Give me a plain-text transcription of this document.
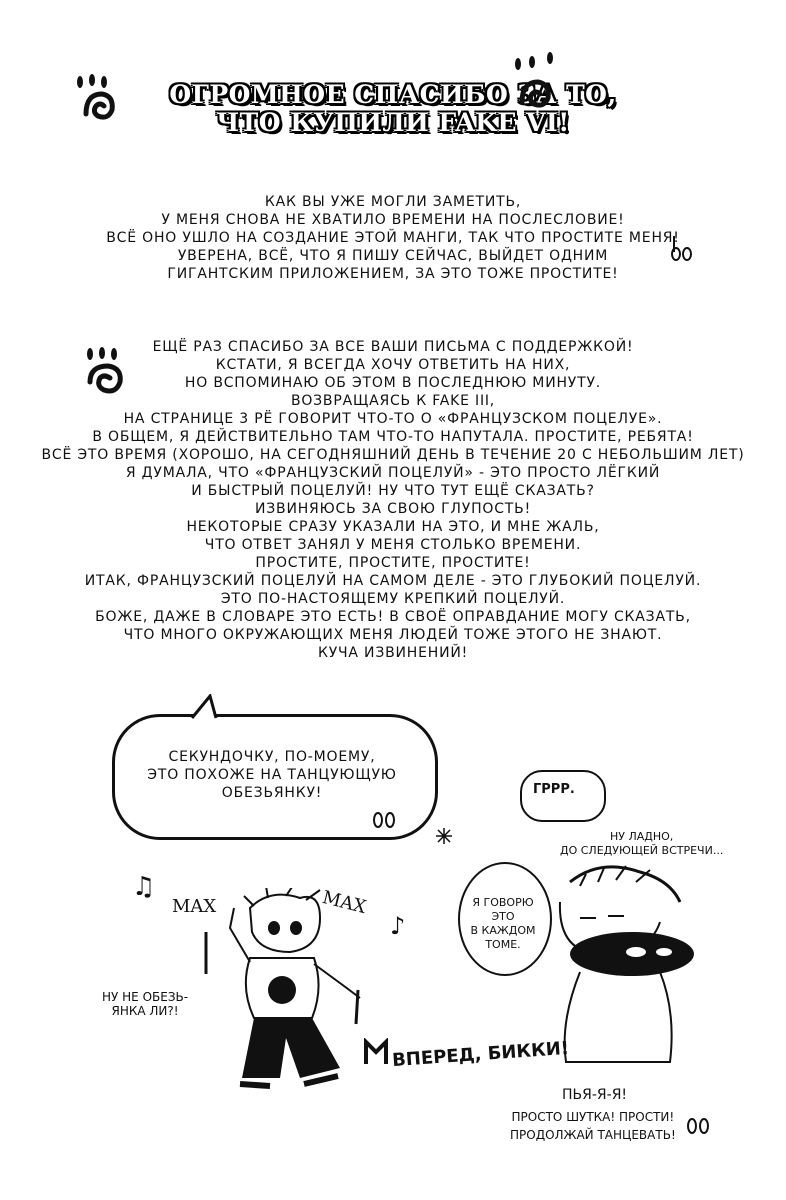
ОГРОМНОЕ СПАСИБО ЗА ТО,
ЧТО КУПИЛИ FAKE VI!

КАК ВЫ УЖЕ МОГЛИ ЗАМЕТИТЬ,

У МЕНЯ СНОВА НЕ ХВАТИЛО ВРЕМЕНИ НА ПОСЛЕСЛОВИЕ!

ВСЁ ОНО УШЛО НА СОЗДАНИЕ ЭТОЙ МАНГИ, ТАК ЧТО ПРОСТИТЕ МЕНЯ!

УВЕРЕНА, ВСЁ, ЧТО Я ПИШУ СЕЙЧАС, ВЫЙДЕТ ОДНИМ

ГИГАНТСКИМ ПРИЛОЖЕНИЕМ, ЗА ЭТО ТОЖЕ ПРОСТИТЕ!

ЕЩЁ РАЗ СПАСИБО ЗА ВСЕ ВАШИ ПИСЬМА С ПОДДЕРЖКОЙ!

КСТАТИ, Я ВСЕГДА ХОЧУ ОТВЕТИТЬ НА НИХ,

НО ВСПОМИНАЮ ОБ ЭТОМ В ПОСЛЕДНЮЮ МИНУТУ.

ВОЗВРАЩАЯСЬ К FAKE III,

НА СТРАНИЦЕ 3 РЁ ГОВОРИТ ЧТО-ТО О «ФРАНЦУЗСКОМ ПОЦЕЛУЕ».

В ОБЩЕМ, Я ДЕЙСТВИТЕЛЬНО ТАМ ЧТО-ТО НАПУТАЛА. ПРОСТИТЕ, РЕБЯТА!

ВСЁ ЭТО ВРЕМЯ (ХОРОШО, НА СЕГОДНЯШНИЙ ДЕНЬ В ТЕЧЕНИЕ 20 С НЕБОЛЬШИМ ЛЕТ)

Я ДУМАЛА, ЧТО «ФРАНЦУЗСКИЙ ПОЦЕЛУЙ» - ЭТО ПРОСТО ЛЁГКИЙ

И БЫСТРЫЙ ПОЦЕЛУЙ! НУ ЧТО ТУТ ЕЩЁ СКАЗАТЬ?

ИЗВИНЯЮСЬ ЗА СВОЮ ГЛУПОСТЬ!

НЕКОТОРЫЕ СРАЗУ УКАЗАЛИ НА ЭТО, И МНЕ ЖАЛЬ,

ЧТО ОТВЕТ ЗАНЯЛ У МЕНЯ СТОЛЬКО ВРЕМЕНИ.

ПРОСТИТЕ, ПРОСТИТЕ, ПРОСТИТЕ!

ИТАК, ФРАНЦУЗСКИЙ ПОЦЕЛУЙ НА САМОМ ДЕЛЕ - ЭТО ГЛУБОКИЙ ПОЦЕЛУЙ.

ЭТО ПО-НАСТОЯЩЕМУ КРЕПКИЙ ПОЦЕЛУЙ.

БОЖЕ, ДАЖЕ В СЛОВАРЕ ЭТО ЕСТЬ! В СВОЁ ОПРАВДАНИЕ МОГУ СКАЗАТЬ,

ЧТО МНОГО ОКРУЖАЮЩИХ МЕНЯ ЛЮДЕЙ ТОЖЕ ЭТОГО НЕ ЗНАЮТ.

КУЧА ИЗВИНЕНИЙ!

СЕКУНДОЧКУ, ПО-МОЕМУ,

ЭТО ПОХОЖЕ НА ТАНЦУЮЩУЮ

ОБЕЗЬЯНКУ!	ГРРР.
НУ ЛАДНО,
ДО СЛЕДУЮЩЕЙ ВСТРЕЧИ...
Я ГОВОРЮ
ЭТО
В КАЖДОМ
ТОМЕ.
♫
♪
MAX	MAX
НУ НЕ ОБЕЗЬ-
ЯНКА ЛИ?!
ВПЕРЕД, БИККИ!
ПЬЯ-Я-Я!
ПРОСТО ШУТКА! ПРОСТИ!
ПРОДОЛЖАЙ ТАНЦЕВАТЬ!
